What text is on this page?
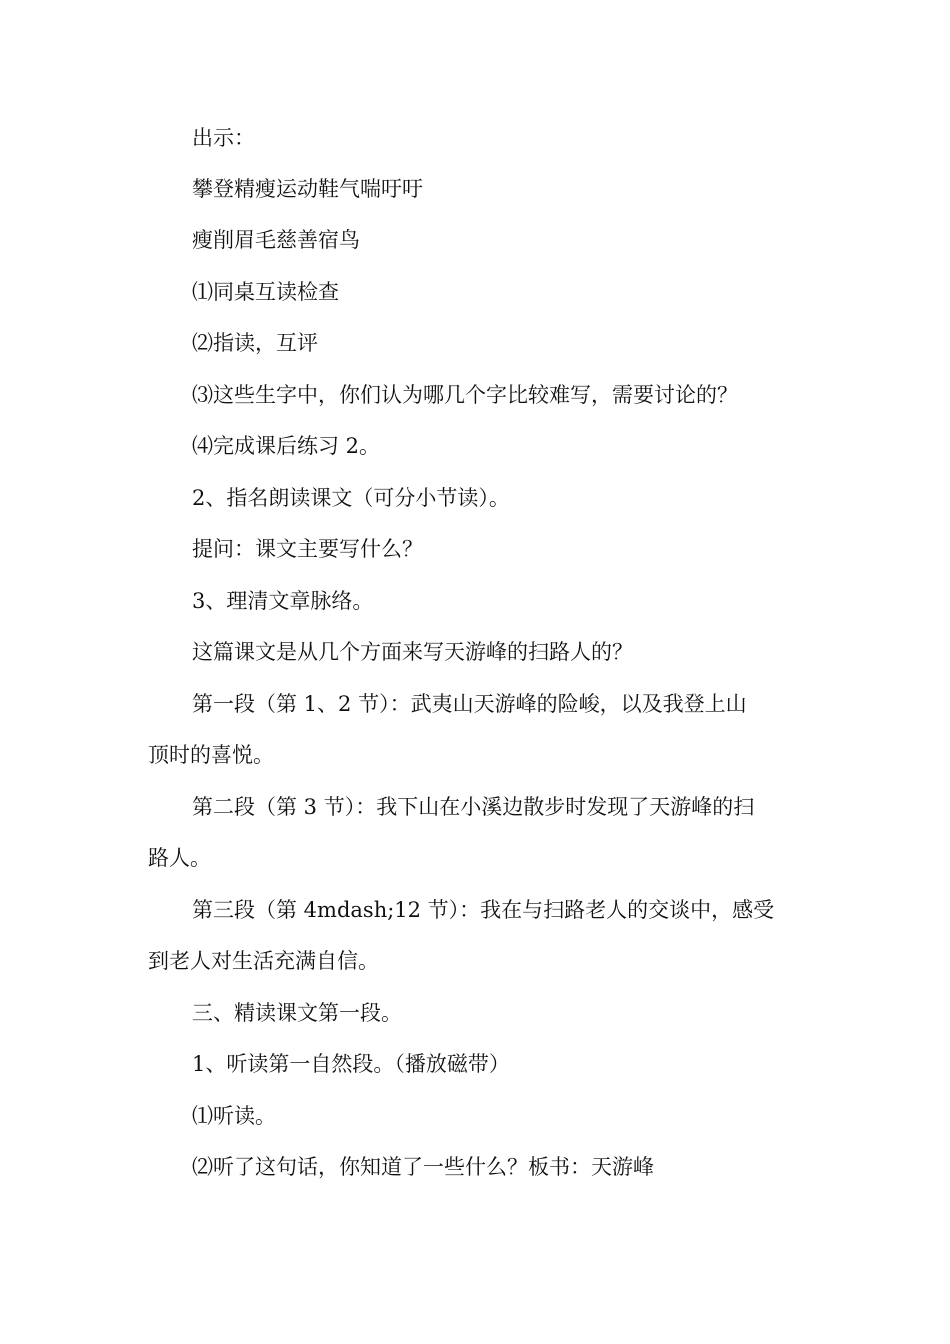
出示：
攀登精瘦运动鞋气喘吁吁
瘦削眉毛慈善宿鸟
⑴同桌互读检查
⑵指读，互评
⑶这些生字中，你们认为哪几个字比较难写，需要讨论的？
⑷完成课后练习 2。
2、指名朗读课文（可分小节读）。
提问：课文主要写什么？
3、理清文章脉络。
这篇课文是从几个方面来写天游峰的扫路人的？
第一段（第 1、2 节）：武夷山天游峰的险峻，以及我登上山
顶时的喜悦。
第二段（第 3 节）：我下山在小溪边散步时发现了天游峰的扫
路人。
第三段（第 4mdash;12 节）：我在与扫路老人的交谈中，感受
到老人对生活充满自信。
三、精读课文第一段。
1、听读第一自然段。（播放磁带）
⑴听读。
⑵听了这句话，你知道了一些什么？板书：天游峰
